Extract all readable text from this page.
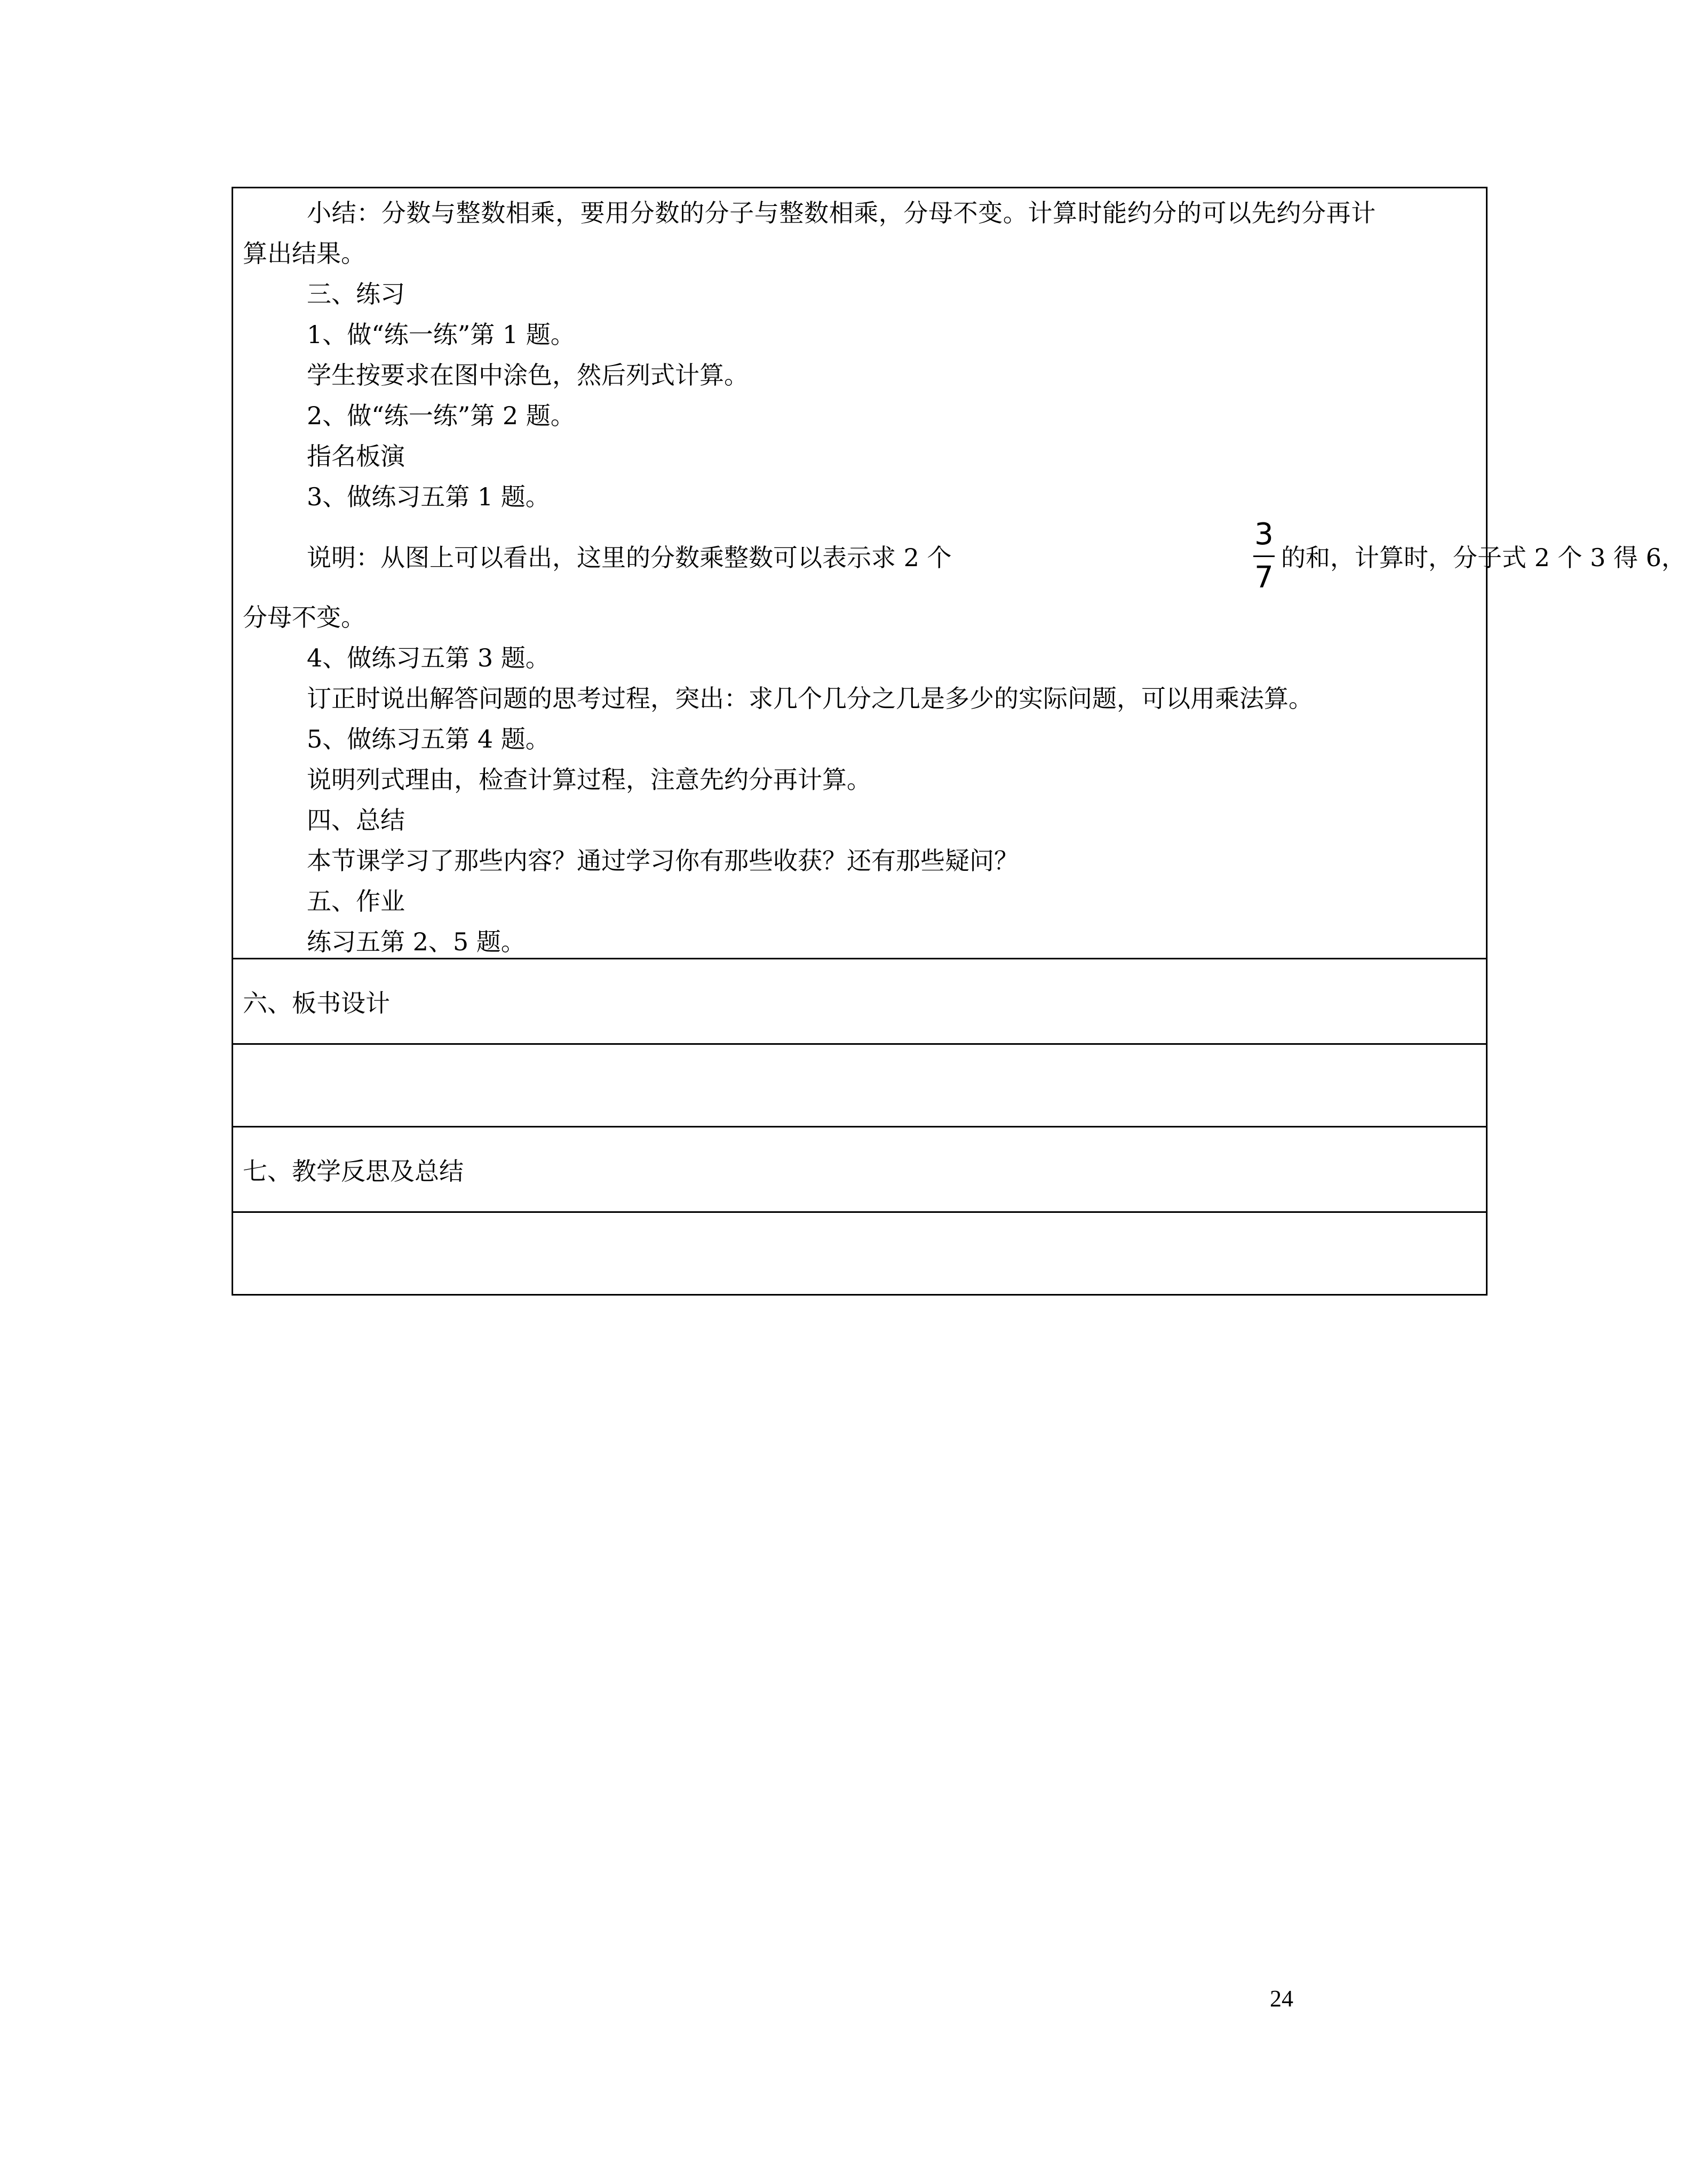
小结：分数与整数相乘，要用分数的分子与整数相乘，分母不变。计算时能约分的可以先约分再计
算出结果。
三、练习
1、做“练一练”第 1 题。
学生按要求在图中涂色，然后列式计算。
2、做“练一练”第 2 题。
指名板演
3、做练习五第 1 题。
说明：从图上可以看出，这里的分数乘整数可以表示求 2 个
3
7
的和，计算时，分子式 2 个 3 得 6，
分母不变。
4、做练习五第 3 题。
订正时说出解答问题的思考过程，突出：求几个几分之几是多少的实际问题，可以用乘法算。
5、做练习五第 4 题。
说明列式理由，检查计算过程，注意先约分再计算。
四、总结
本节课学习了那些内容？通过学习你有那些收获？还有那些疑问？
五、作业
练习五第 2、5 题。
六、板书设计
七、教学反思及总结
24
